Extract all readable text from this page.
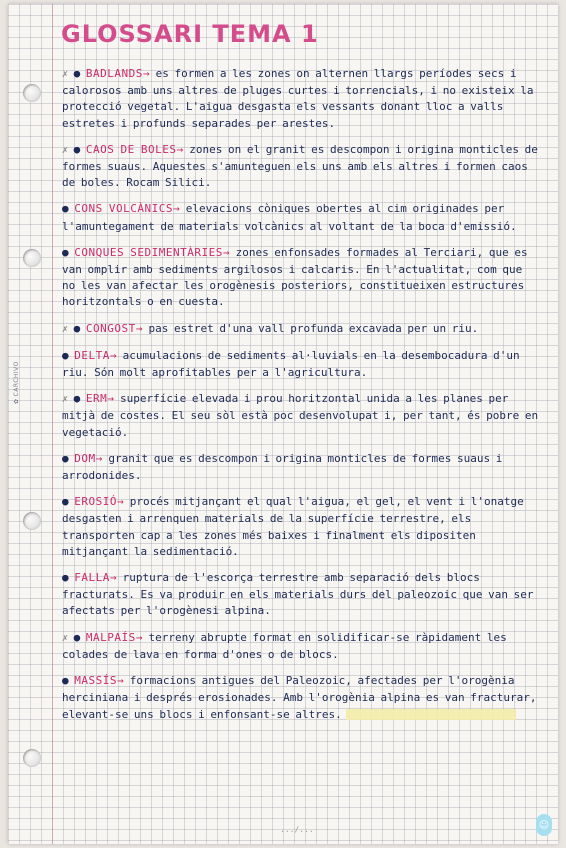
✿CARCHIVO
GLOSSARI TEMA 1

✗ ● BADLANDS→ es formen a les zones on alternen llargs períodes secs i calorosos amb uns altres de pluges curtes i torrencials, i no existeix la protecció vegetal. L'aigua desgasta els vessants donant lloc a valls estretes i profunds separades per arestes.

✗ ● CAOS DE BOLES→ zones on el granit es descompon i origina monticles de formes suaus. Aquestes s'amunteguen els uns amb els altres i formen caos de boles. Rocam Silici.

● CONS VOLCÀNICS→ elevacions còniques obertes al cim originades per l'amuntegament de materials volcànics al voltant de la boca d'emissió.

● CONQUES SEDIMENTÀRIES→ zones enfonsades formades al Terciari, que es van omplir amb sediments argilosos i calcaris. En l'actualitat, com que no les van afectar les orogènesis posteriors, constitueixen estructures horitzontals o en cuesta.

✗ ● CONGOST→ pas estret d'una vall profunda excavada per un riu.

● DELTA→ acumulacions de sediments al·luvials en la desembocadura d'un riu. Són molt aprofitables per a l'agricultura.

✗ ● ERM→ superfície elevada i prou horitzontal unida a les planes per mitjà de costes. El seu sòl està poc desenvolupat i, per tant, és pobre en vegetació.

● DOM→ granit que es descompon i origina monticles de formes suaus i arrodonides.

● EROSIÓ→ procés mitjançant el qual l'aigua, el gel, el vent i l'onatge desgasten i arrenquen materials de la superfície terrestre, els transporten cap a les zones més baixes i finalment els dipositen mitjançant la sedimentació.

● FALLA→ ruptura de l'escorça terrestre amb separació dels blocs fracturats. Es va produir en els materials durs del paleozoic que van ser afectats per l'orogènesi alpina.

✗ ● MALPAÍS→ terreny abrupte format en solidificar-se ràpidament les colades de lava en forma d'ones o de blocs.

● MASSÍS→ formacions antigues del Paleozoic, afectades per l'orogènia herciniana i després erosionades. Amb l'orogènia alpina es van fracturar, elevant-se uns blocs i enfonsant-se altres.

.../...	☺
